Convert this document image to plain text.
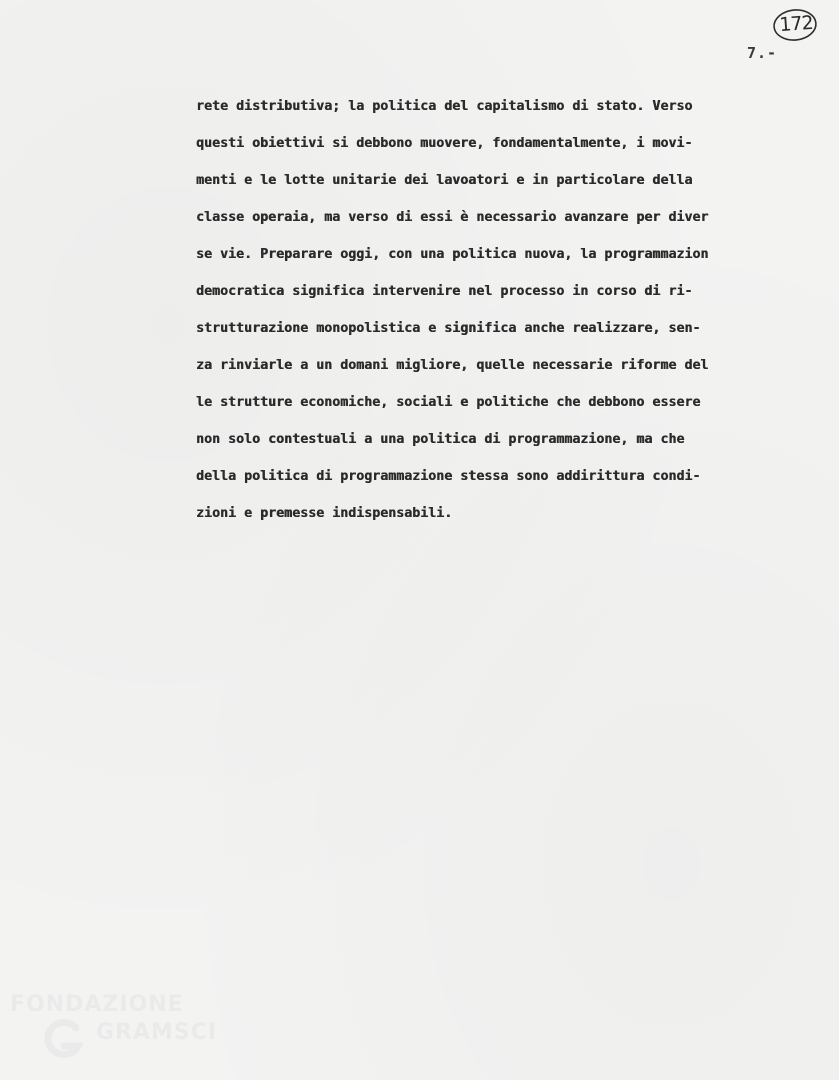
172
7.-
rete distributiva; la politica del capitalismo di stato. Verso
questi obiettivi si debbono muovere, fondamentalmente, i movi-
menti e le lotte unitarie dei lavoatori e in particolare della
classe operaia, ma verso di essi è necessario avanzare per diver
se vie. Preparare oggi, con una politica nuova, la programmazion
democratica significa intervenire nel processo in corso di ri-
strutturazione monopolistica e significa anche realizzare, sen-
za rinviarle a un domani migliore, quelle necessarie riforme del
le strutture economiche, sociali e politiche che debbono essere
non solo contestuali a una politica di programmazione, ma che
della politica di programmazione stessa sono addirittura condi-
zioni e premesse indispensabili.
FONDAZIONE
GRAMSCI
